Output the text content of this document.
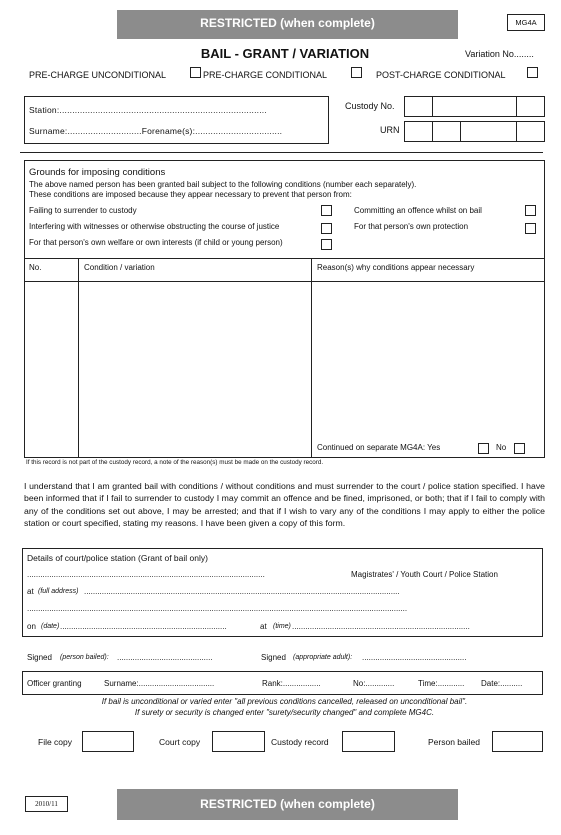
RESTRICTED (when complete)	MG4A
BAIL - GRANT / VARIATION	Variation No........
PRE-CHARGE UNCONDITIONAL	PRE-CHARGE CONDITIONAL	POST-CHARGE CONDITIONAL
Station:.................................................................................
Surname:.............................Forename(s):..................................
Custody No.
URN
Grounds for imposing conditions
The above named person has been granted bail subject to the following conditions (number each separately).
These conditions are imposed because they appear necessary to prevent that person from:
Failing to surrender to custody	Committing an offence whilst on bail
Interfering with witnesses or otherwise obstructing the course of justice	For that person's own protection
For that person's own welfare or own interests (if child or young person)
No.	Condition / variation	Reason(s) why conditions appear necessary
Continued on separate MG4A: Yes	No
If this record is not part of the custody record, a note of the reason(s) must be made on the custody record.
I understand that I am granted bail with conditions / without conditions and must surrender to the court / police station specified. I have been informed that if I fail to surrender to custody I may commit an offence and be fined, imprisoned, or both; that if I fail to comply with any of the conditions set out above, I may be arrested; and that if I wish to vary any of the conditions I may apply to either the police station or court specified, stating my reasons. I have been given a copy of this form.
Details of court/police station (Grant of bail only)
...........................................................................................................	Magistrates' / Youth Court / Police Station
at (full address) ..............................................................................................................................................
...........................................................................................................................................................................
on (date) ...........................................................................	at (time) ................................................................................
Signed (person bailed): ...........................................	Signed (appropriate adult): ...............................................
Officer granting	Surname:..................................	Rank:.................	No:.............	Time:............ Date:..........
If bail is unconditional or varied enter "all previous conditions cancelled, released on unconditional bail".
If surety or security is changed enter "surety/security changed" and complete MG4C.
File copy	Court copy	Custody record	Person bailed
2010/11	RESTRICTED (when complete)
